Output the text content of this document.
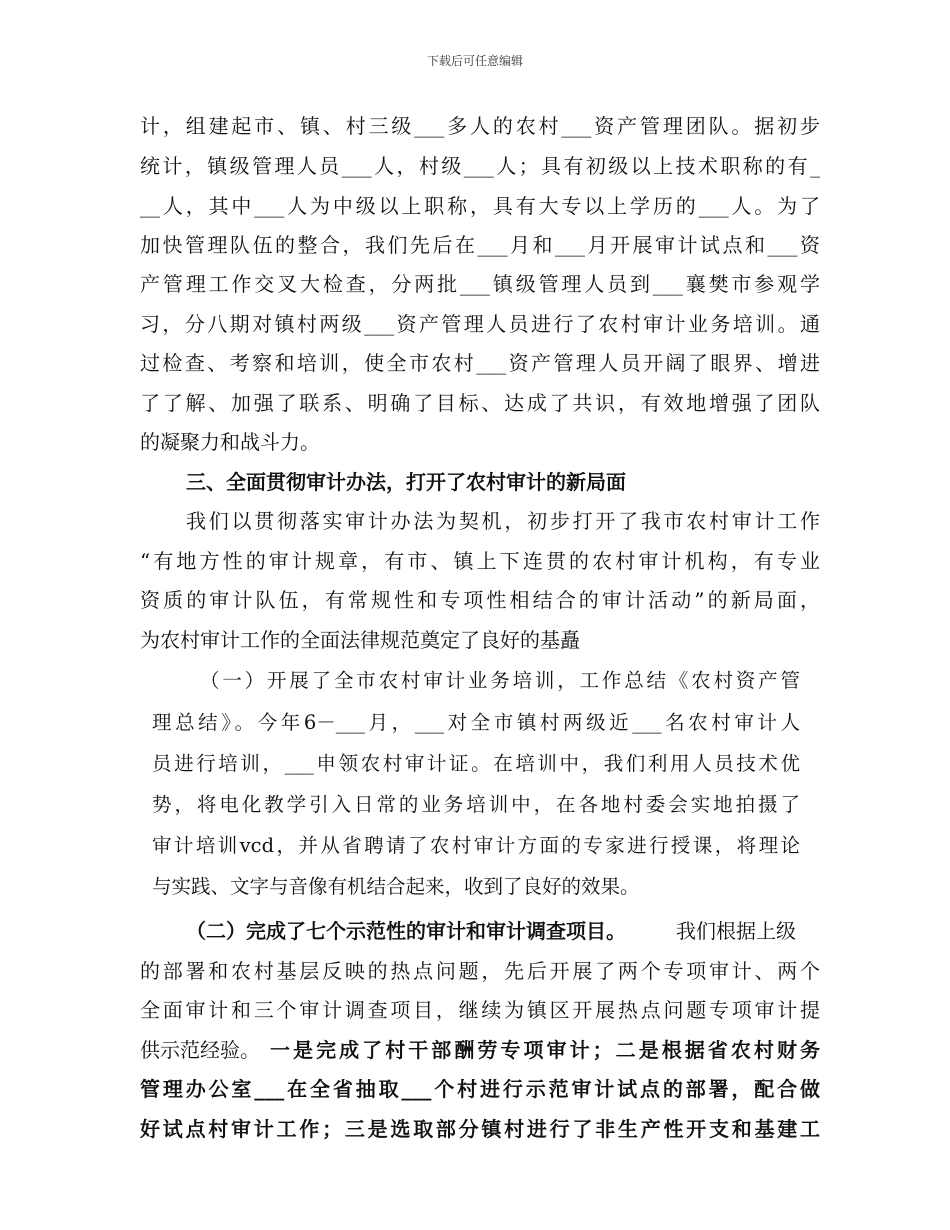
下载后可任意编辑
计，组建起市、镇、村三级___多人的农村___资产管理团队。据初步
统计，镇级管理人员___人，村级___人；具有初级以上技术职称的有_
__人，其中___人为中级以上职称，具有大专以上学历的___人。为了
加快管理队伍的整合，我们先后在___月和___月开展审计试点和___资
产管理工作交叉大检查，分两批___镇级管理人员到___襄樊市参观学
习，分八期对镇村两级___资产管理人员进行了农村审计业务培训。通
过检查、考察和培训，使全市农村___资产管理人员开阔了眼界、增进
了了解、加强了联系、明确了目标、达成了共识，有效地增强了团队
的凝聚力和战斗力。
三、全面贯彻审计办法，打开了农村审计的新局面
我们以贯彻落实审计办法为契机，初步打开了我市农村审计工作
“有地方性的审计规章，有市、镇上下连贯的农村审计机构，有专业
资质的审计队伍，有常规性和专项性相结合的审计活动”的新局面，
为农村审计工作的全面法律规范奠定了良好的基矗
（一）开展了全市农村审计业务培训，工作总结《农村资产管
理总结》。今年6－___月，___对全市镇村两级近___名农村审计人
员进行培训，___申领农村审计证。在培训中，我们利用人员技术优
势，将电化教学引入日常的业务培训中，在各地村委会实地拍摄了
审计培训vcd，并从省聘请了农村审计方面的专家进行授课，将理论
与实践、文字与音像有机结合起来，收到了良好的效果。
（二）完成了七个示范性的审计和审计调查项目。	我们根据上级
的部署和农村基层反映的热点问题，先后开展了两个专项审计、两个
全面审计和三个审计调查项目，继续为镇区开展热点问题专项审计提
供示范经验。 一是完成了村干部酬劳专项审计；二是根据省农村财务
管理办公室___在全省抽取___个村进行示范审计试点的部署，配合做
好试点村审计工作；三是选取部分镇村进行了非生产性开支和基建工
